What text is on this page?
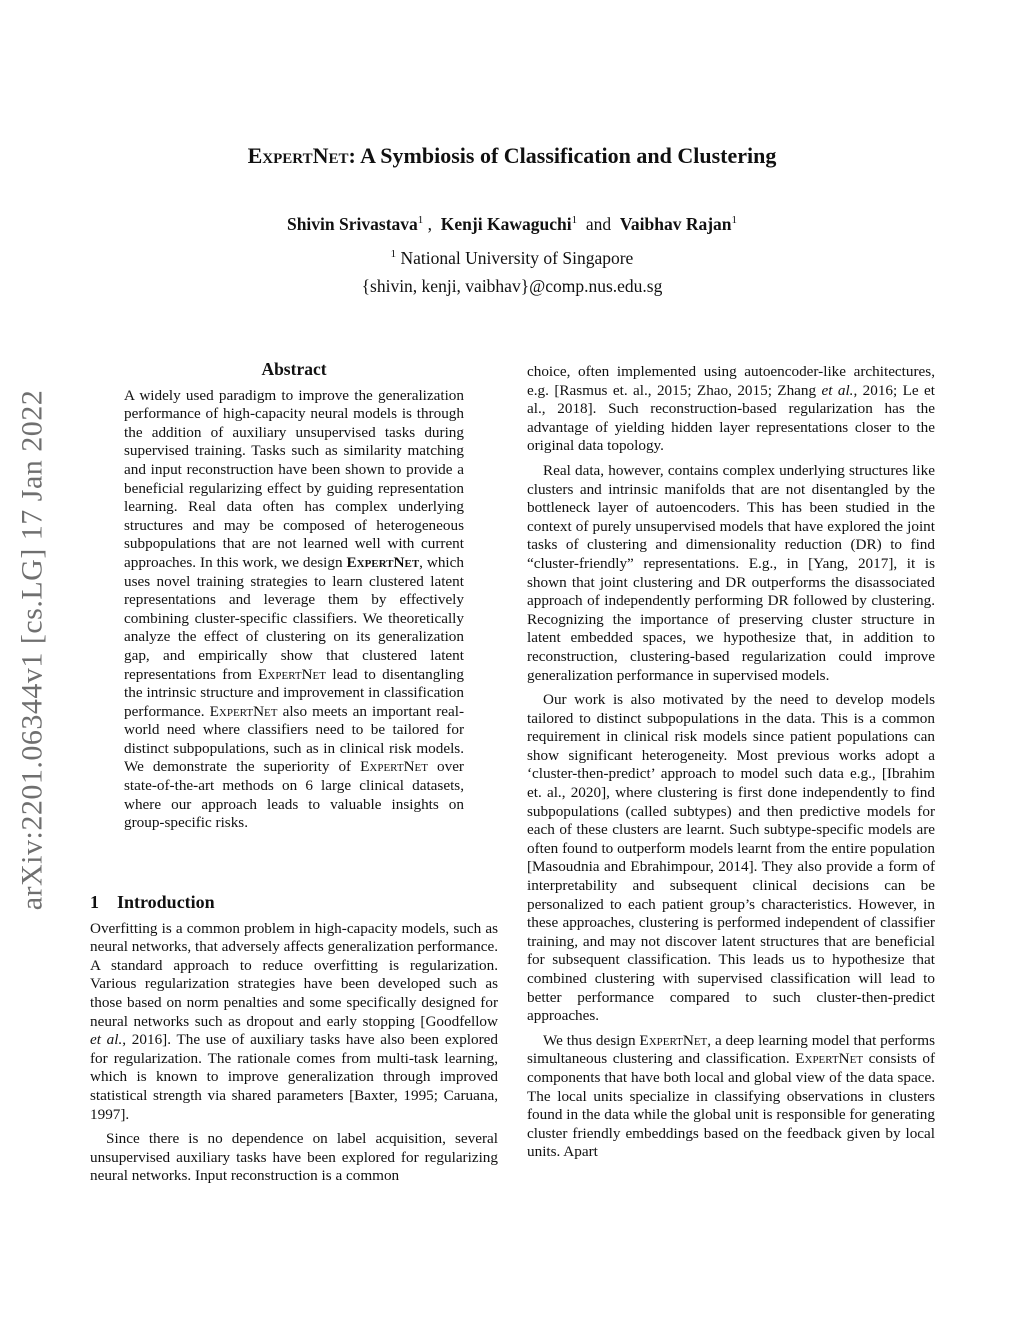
arXiv:2201.06344v1 [cs.LG] 17 Jan 2022
ExpertNet: A Symbiosis of Classification and Clustering

Shivin Srivastava$^1$ , Kenji Kawaguchi$^1$ and Vaibhav Rajan$^1$

$^1$ National University of Singapore
{shivin, kenji, vaibhav}@comp.nus.edu.sg
Abstract

A widely used paradigm to improve the generalization performance of high-capacity neural models is through the addition of auxiliary unsupervised tasks during supervised training. Tasks such as similarity matching and input reconstruction have been shown to provide a beneficial regularizing effect by guiding representation learning. Real data often has complex underlying structures and may be composed of heterogeneous subpopulations that are not learned well with current approaches. In this work, we design ExpertNet, which uses novel training strategies to learn clustered latent representations and leverage them by effectively combining cluster-specific classifiers. We theoretically analyze the effect of clustering on its generalization gap, and empirically show that clustered latent representations from ExpertNet lead to disentangling the intrinsic structure and improvement in classification performance. ExpertNet also meets an important real-world need where classifiers need to be tailored for distinct subpopulations, such as in clinical risk models. We demonstrate the superiority of ExpertNet over state-of-the-art methods on 6 large clinical datasets, where our approach leads to valuable insights on group-specific risks.

1 Introduction

Overfitting is a common problem in high-capacity models, such as neural networks, that adversely affects generalization performance. A standard approach to reduce overfitting is regularization. Various regularization strategies have been developed such as those based on norm penalties and some specifically designed for neural networks such as dropout and early stopping [Goodfellow et al., 2016]. The use of auxiliary tasks have also been explored for regularization. The rationale comes from multi-task learning, which is known to improve generalization through improved statistical strength via shared parameters [Baxter, 1995; Caruana, 1997].

Since there is no dependence on label acquisition, several unsupervised auxiliary tasks have been explored for regularizing neural networks. Input reconstruction is a common

choice, often implemented using autoencoder-like architectures, e.g. [Rasmus et. al., 2015; Zhao, 2015; Zhang et al., 2016; Le et al., 2018]. Such reconstruction-based regularization has the advantage of yielding hidden layer representations closer to the original data topology.

Real data, however, contains complex underlying structures like clusters and intrinsic manifolds that are not disentangled by the bottleneck layer of autoencoders. This has been studied in the context of purely unsupervised models that have explored the joint tasks of clustering and dimensionality reduction (DR) to find “cluster-friendly” representations. E.g., in [Yang, 2017], it is shown that joint clustering and DR outperforms the disassociated approach of independently performing DR followed by clustering. Recognizing the importance of preserving cluster structure in latent embedded spaces, we hypothesize that, in addition to reconstruction, clustering-based regularization could improve generalization performance in supervised models.

Our work is also motivated by the need to develop models tailored to distinct subpopulations in the data. This is a common requirement in clinical risk models since patient populations can show significant heterogeneity. Most previous works adopt a ‘cluster-then-predict’ approach to model such data e.g., [Ibrahim et. al., 2020], where clustering is first done independently to find subpopulations (called subtypes) and then predictive models for each of these clusters are learnt. Such subtype-specific models are often found to outperform models learnt from the entire population [Masoudnia and Ebrahimpour, 2014]. They also provide a form of interpretability and subsequent clinical decisions can be personalized to each patient group’s characteristics. However, in these approaches, clustering is performed independent of classifier training, and may not discover latent structures that are beneficial for subsequent classification. This leads us to hypothesize that combined clustering with supervised classification will lead to better performance compared to such cluster-then-predict approaches.

We thus design ExpertNet, a deep learning model that performs simultaneous clustering and classification. ExpertNet consists of components that have both local and global view of the data space. The local units specialize in classifying observations in clusters found in the data while the global unit is responsible for generating cluster friendly embeddings based on the feedback given by local units. Apart
